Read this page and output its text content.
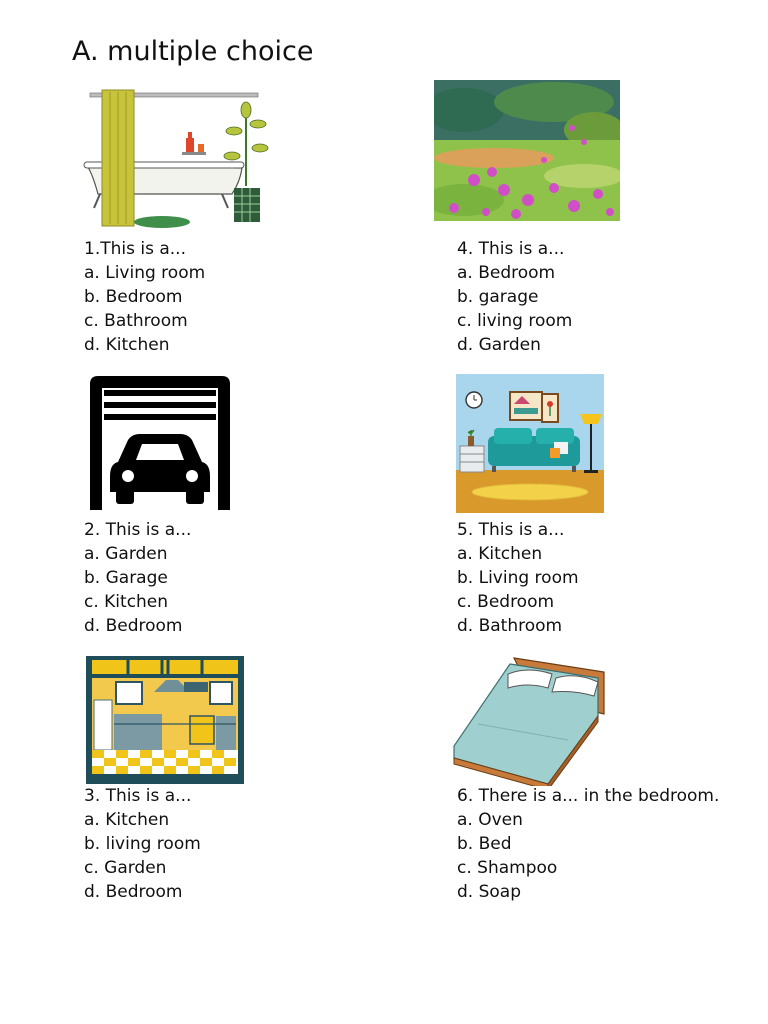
A. multiple choice
1.This is a...
a. Living room
b. Bedroom
c. Bathroom
d. Kitchen
2. This is a...
a. Garden
b. Garage
c. Kitchen
d. Bedroom
3. This is a...
a. Kitchen
b. living room
c. Garden
d. Bedroom
4. This is a...
a. Bedroom
b. garage
c. living room
d. Garden
5. This is a...
a. Kitchen
b. Living room
c. Bedroom
d. Bathroom
6. There is a... in the bedroom.
a. Oven
b. Bed
c. Shampoo
d. Soap
